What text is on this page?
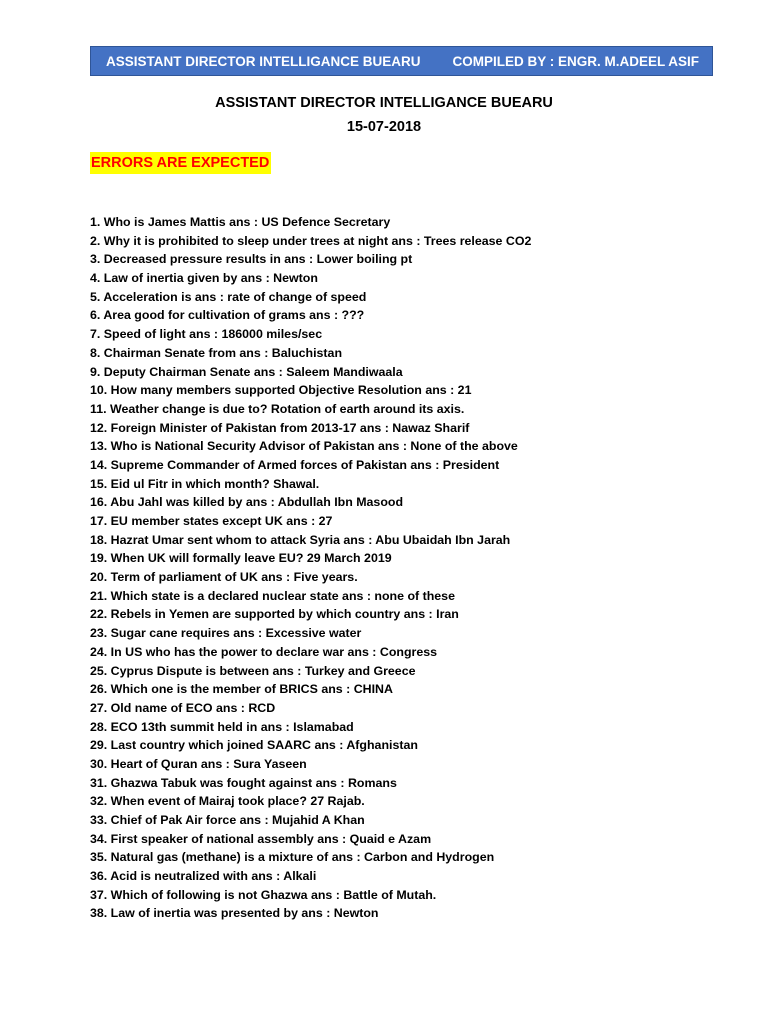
ASSISTANT DIRECTOR INTELLIGANCE BUEARU COMPILED BY : ENGR. M.ADEEL ASIF
ASSISTANT DIRECTOR INTELLIGANCE BUEARU
15-07-2018
ERRORS ARE EXPECTED
1. Who is James Mattis ans : US Defence Secretary
2. Why it is prohibited to sleep under trees at night ans : Trees release CO2
3. Decreased pressure results in ans : Lower boiling pt
4. Law of inertia given by ans : Newton
5. Acceleration is ans : rate of change of speed
6. Area good for cultivation of grams ans : ???
7. Speed of light ans : 186000 miles/sec
8. Chairman Senate from ans : Baluchistan
9. Deputy Chairman Senate ans : Saleem Mandiwaala
10. How many members supported Objective Resolution ans : 21
11. Weather change is due to? Rotation of earth around its axis.
12. Foreign Minister of Pakistan from 2013-17 ans : Nawaz Sharif
13. Who is National Security Advisor of Pakistan ans : None of the above
14. Supreme Commander of Armed forces of Pakistan ans : President
15. Eid ul Fitr in which month? Shawal.
16. Abu Jahl was killed by ans : Abdullah Ibn Masood
17. EU member states except UK ans : 27
18. Hazrat Umar sent whom to attack Syria ans : Abu Ubaidah Ibn Jarah
19. When UK will formally leave EU? 29 March 2019
20. Term of parliament of UK ans : Five years.
21. Which state is a declared nuclear state ans : none of these
22. Rebels in Yemen are supported by which country ans : Iran
23. Sugar cane requires ans : Excessive water
24. In US who has the power to declare war ans : Congress
25. Cyprus Dispute is between ans : Turkey and Greece
26. Which one is the member of BRICS ans : CHINA
27. Old name of ECO ans : RCD
28. ECO 13th summit held in ans : Islamabad
29. Last country which joined SAARC ans : Afghanistan
30. Heart of Quran ans : Sura Yaseen
31. Ghazwa Tabuk was fought against ans : Romans
32. When event of Mairaj took place? 27 Rajab.
33. Chief of Pak Air force ans : Mujahid A Khan
34. First speaker of national assembly ans : Quaid e Azam
35. Natural gas (methane) is a mixture of ans : Carbon and Hydrogen
36. Acid is neutralized with ans : Alkali
37. Which of following is not Ghazwa ans : Battle of Mutah.
38. Law of inertia was presented by ans : Newton
